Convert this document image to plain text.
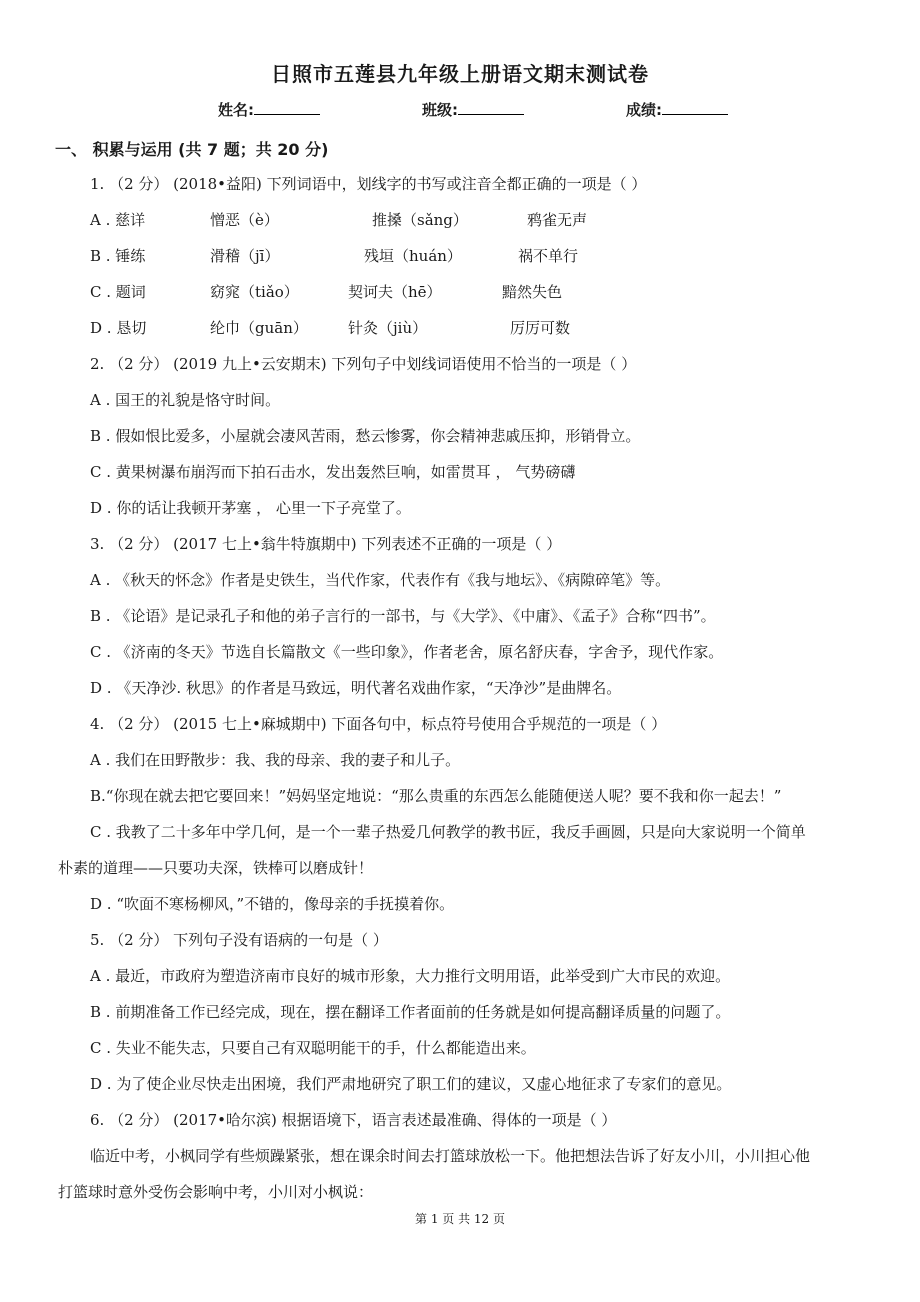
日照市五莲县九年级上册语文期末测试卷
姓名:	班级:	成绩:
一、 积累与运用 (共 7 题；共 20 分)
1. （2 分） (2018•益阳) 下列词语中，划线字的书写或注音全都正确的一项是（ ）
A . 慈详	憎恶（è）	推搡（sǎng）	鸦雀无声
B . 锤练	滑稽（jī）	残垣（huán）	祸不单行
C . 题词	窈窕（tiǎo）	契诃夫（hē）	黯然失色
D . 恳切	纶巾（guān）	针灸（jiù）	厉厉可数
2. （2 分） (2019 九上•云安期末) 下列句子中划线词语使用不恰当的一项是（ ）
A . 国王的礼貌是恪守时间。
B . 假如恨比爱多，小屋就会凄风苦雨，愁云惨雾，你会精神悲戚压抑，形销骨立。
C . 黄果树瀑布崩泻而下拍石击水，发出轰然巨响，如雷贯耳 ， 气势磅礴
D . 你的话让我顿开茅塞 ， 心里一下子亮堂了。
3. （2 分） (2017 七上•翁牛特旗期中) 下列表述不正确的一项是（ ）
A . 《秋天的怀念》作者是史铁生，当代作家，代表作有《我与地坛》、《病隙碎笔》等。
B . 《论语》是记录孔子和他的弟子言行的一部书，与《大学》、《中庸》、《孟子》合称“四书”。
C . 《济南的冬天》节选自长篇散文《一些印象》，作者老舍，原名舒庆春，字舍予，现代作家。
D . 《天净沙. 秋思》的作者是马致远，明代著名戏曲作家，“天净沙”是曲牌名。
4. （2 分） (2015 七上•麻城期中) 下面各句中，标点符号使用合乎规范的一项是（ ）
A . 我们在田野散步：我、我的母亲、我的妻子和儿子。
B.“你现在就去把它要回来！”妈妈坚定地说：“那么贵重的东西怎么能随便送人呢？要不我和你一起去！”
C . 我教了二十多年中学几何，是一个一辈子热爱几何教学的教书匠，我反手画圆，只是向大家说明一个简单
朴素的道理——只要功夫深，铁棒可以磨成针！
D . “吹面不寒杨柳风，”不错的，像母亲的手抚摸着你。
5. （2 分） 下列句子没有语病的一句是（ ）
A . 最近，市政府为塑造济南市良好的城市形象，大力推行文明用语，此举受到广大市民的欢迎。
B . 前期准备工作已经完成，现在，摆在翻译工作者面前的任务就是如何提高翻译质量的问题了。
C . 失业不能失志，只要自己有双聪明能干的手，什么都能造出来。
D . 为了使企业尽快走出困境，我们严肃地研究了职工们的建议，又虚心地征求了专家们的意见。
6. （2 分） (2017•哈尔滨) 根据语境下，语言表述最准确、得体的一项是（ ）
临近中考，小枫同学有些烦躁紧张，想在课余时间去打篮球放松一下。他把想法告诉了好友小川，小川担心他
打篮球时意外受伤会影响中考，小川对小枫说：
第 1 页 共 12 页
